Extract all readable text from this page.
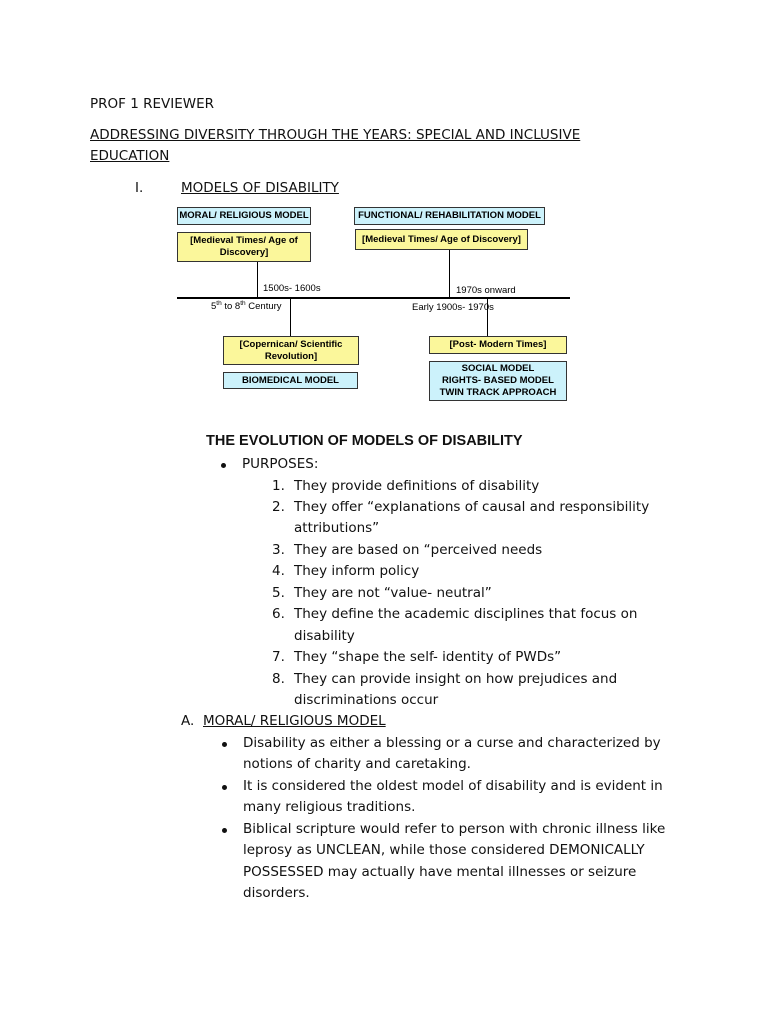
PROF 1 REVIEWER
ADDRESSING DIVERSITY THROUGH THE YEARS: SPECIAL AND INCLUSIVE
EDUCATION
I.	MODELS OF DISABILITY
MORAL/ RELIGIOUS MODEL	FUNCTIONAL/ REHABILITATION MODEL
[Medieval Times/ Age of Discovery]
[Medieval Times/ Age of Discovery]
1500s- 1600s	1970s onward
5th to 8th Century	Early 1900s- 1970s
[Copernican/ Scientific Revolution]
[Post- Modern Times]
BIOMEDICAL MODEL
SOCIAL MODEL
RIGHTS- BASED MODEL
TWIN TRACK APPROACH
THE EVOLUTION OF MODELS OF DISABILITY
PURPOSES:
1. They provide definitions of disability
2. They offer “explanations of causal and responsibility
attributions”
3. They are based on “perceived needs
4. They inform policy
5. They are not “value- neutral”
6. They define the academic disciplines that focus on
disability
7. They “shape the self- identity of PWDs”
8. They can provide insight on how prejudices and
discriminations occur
A. MORAL/ RELIGIOUS MODEL
Disability as either a blessing or a curse and characterized by
notions of charity and caretaking.
It is considered the oldest model of disability and is evident in
many religious traditions.
Biblical scripture would refer to person with chronic illness like
leprosy as UNCLEAN, while those considered DEMONICALLY
POSSESSED may actually have mental illnesses or seizure
disorders.
